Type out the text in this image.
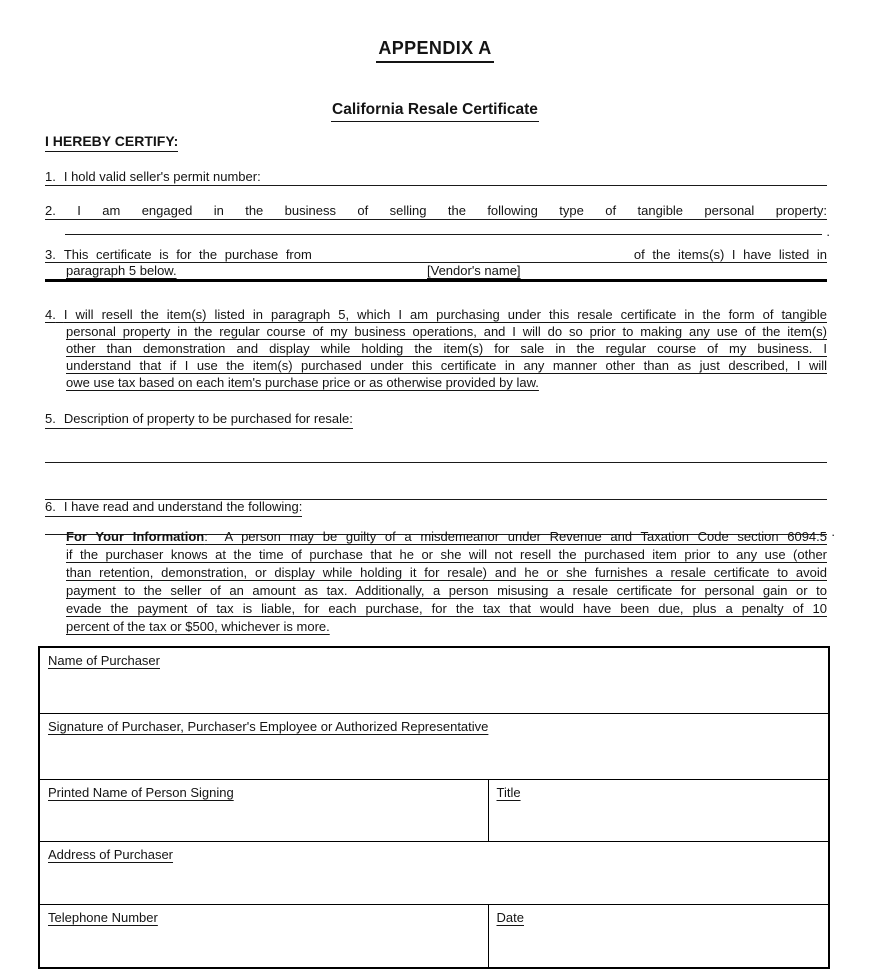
APPENDIX A
California Resale Certificate
I HEREBY CERTIFY:
1. I hold valid seller's permit number:
2. I am engaged in the business of selling the following type of tangible personal property:
.
3. This certificate is for the purchase from	of the items(s) I have listed in
paragraph 5 below.	[Vendor's name]
4. I will resell the item(s) listed in paragraph 5, which I am purchasing under this resale certificate in the form of tangible
personal property in the regular course of my business operations, and I will do so prior to making any use of the item(s)
other than demonstration and display while holding the item(s) for sale in the regular course of my business. I
understand that if I use the item(s) purchased under this certificate in any manner other than as just described, I will
owe use tax based on each item's purchase price or as otherwise provided by law.
5. Description of property to be purchased for resale:
.
6. I have read and understand the following:
For Your Information:  A person may be guilty of a misdemeanor under Revenue and Taxation Code section 6094.5
if the purchaser knows at the time of purchase that he or she will not resell the purchased item prior to any use (other
than retention, demonstration, or display while holding it for resale) and he or she furnishes a resale certificate to avoid
payment to the seller of an amount as tax. Additionally, a person misusing a resale certificate for personal gain or to
evade the payment of tax is liable, for each purchase, for the tax that would have been due, plus a penalty of 10
percent of the tax or $500, whichever is more.
Name of Purchaser	
Signature of Purchaser, Purchaser's Employee or Authorized Representative	
Printed Name of Person Signing	Title
Address of Purchaser	
Telephone Number	Date
